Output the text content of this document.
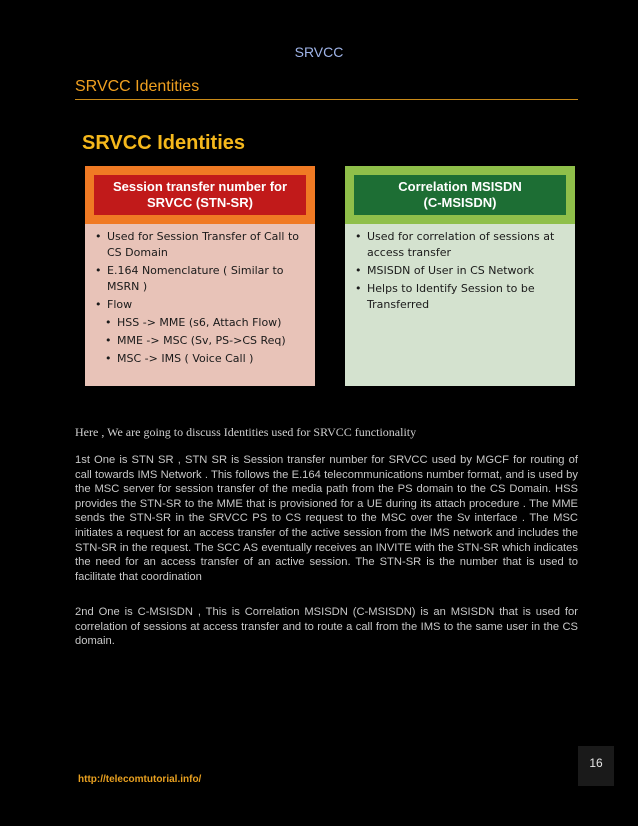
SRVCC
SRVCC Identities
SRVCC Identities
Session transfer number for
SRVCC (STN-SR)
• Used for Session Transfer of Call to CS Domain
• E.164 Nomenclature ( Similar to MSRN )
• Flow
• HSS -> MME (s6, Attach Flow)
• MME -> MSC (Sv, PS->CS Req)
• MSC -> IMS ( Voice Call )
Correlation MSISDN
(C-MSISDN)
• Used for correlation of sessions at access transfer
• MSISDN of User in CS Network
• Helps to Identify Session to be Transferred
Here , We are going to discuss Identities used for SRVCC functionality

1st One is STN SR , STN SR is Session transfer number for SRVCC used by MGCF for routing of call towards IMS Network . This follows the E.164 telecommunications number format, and is used by the MSC server for session transfer of the media path from the PS domain to the CS Domain. HSS provides the STN-SR to the MME that is provisioned for a UE during its attach procedure . The MME sends the STN-SR in the SRVCC PS to CS request to the MSC over the Sv interface . The MSC initiates a request for an access transfer of the active session from the IMS network and includes the STN-SR in the request. The SCC AS eventually receives an INVITE with the STN-SR which indicates the need for an access transfer of an active session. The STN-SR is the number that is used to facilitate that coordination

2nd One is C-MSISDN , This is Correlation MSISDN (C-MSISDN) is an MSISDN that is used for correlation of sessions at access transfer and to route a call from the IMS to the same user in the CS domain.

16
http://telecomtutorial.info/
